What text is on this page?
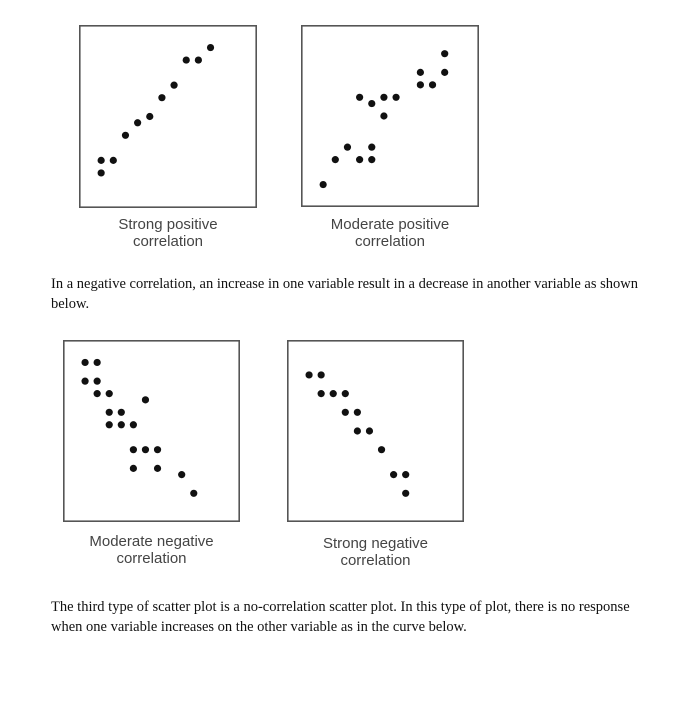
Strong positive
correlation
Moderate positive
correlation
In a negative correlation, an increase in one variable result in a decrease in another variable as shown below.
Moderate negative
correlation
Strong negative
correlation
The third type of scatter plot is a no-correlation scatter plot. In this type of plot, there is no response when one variable increases on the other variable as in the curve below.
